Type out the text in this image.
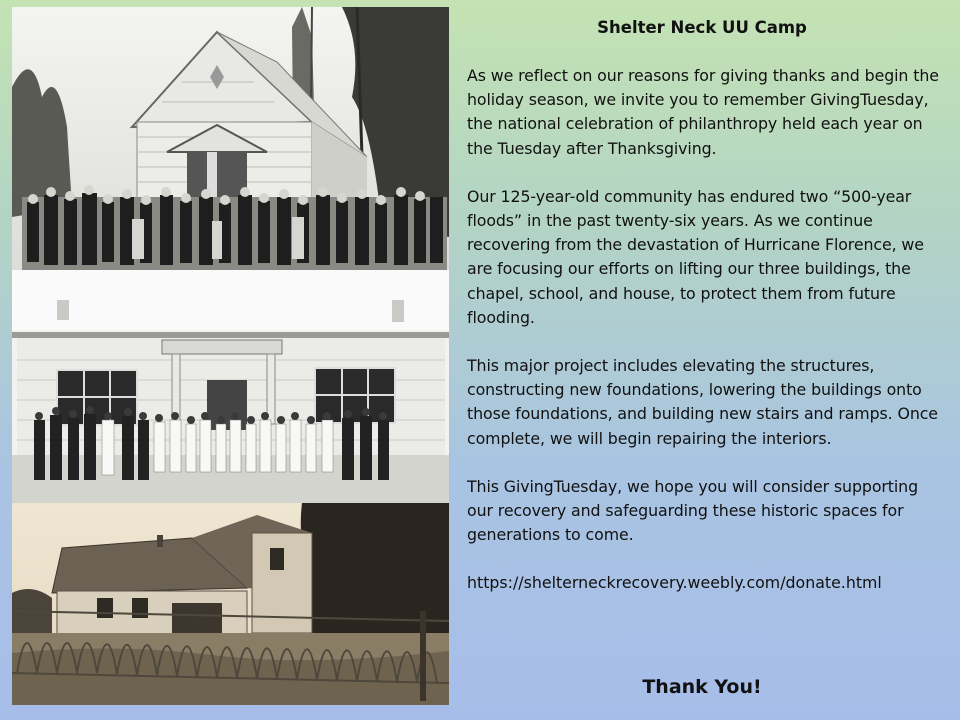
Shelter Neck UU Camp

As we reflect on our reasons for giving thanks and begin the holiday season, we invite you to remember GivingTuesday, the national celebration of philanthropy held each year on the Tuesday after Thanksgiving.

Our 125-year-old community has endured two “500-year floods” in the past twenty-six years. As we continue recovering from the devastation of Hurricane Florence, we are focusing our efforts on lifting our three buildings, the chapel, school, and house, to protect them from future flooding.

This major project includes elevating the structures, constructing new foundations, lowering the buildings onto those foundations, and building new stairs and ramps. Once complete, we will begin repairing the interiors.

This GivingTuesday, we hope you will consider supporting our recovery and safeguarding these historic spaces for generations to come.

https://shelterneckrecovery.weebly.com/donate.html

Thank You!
